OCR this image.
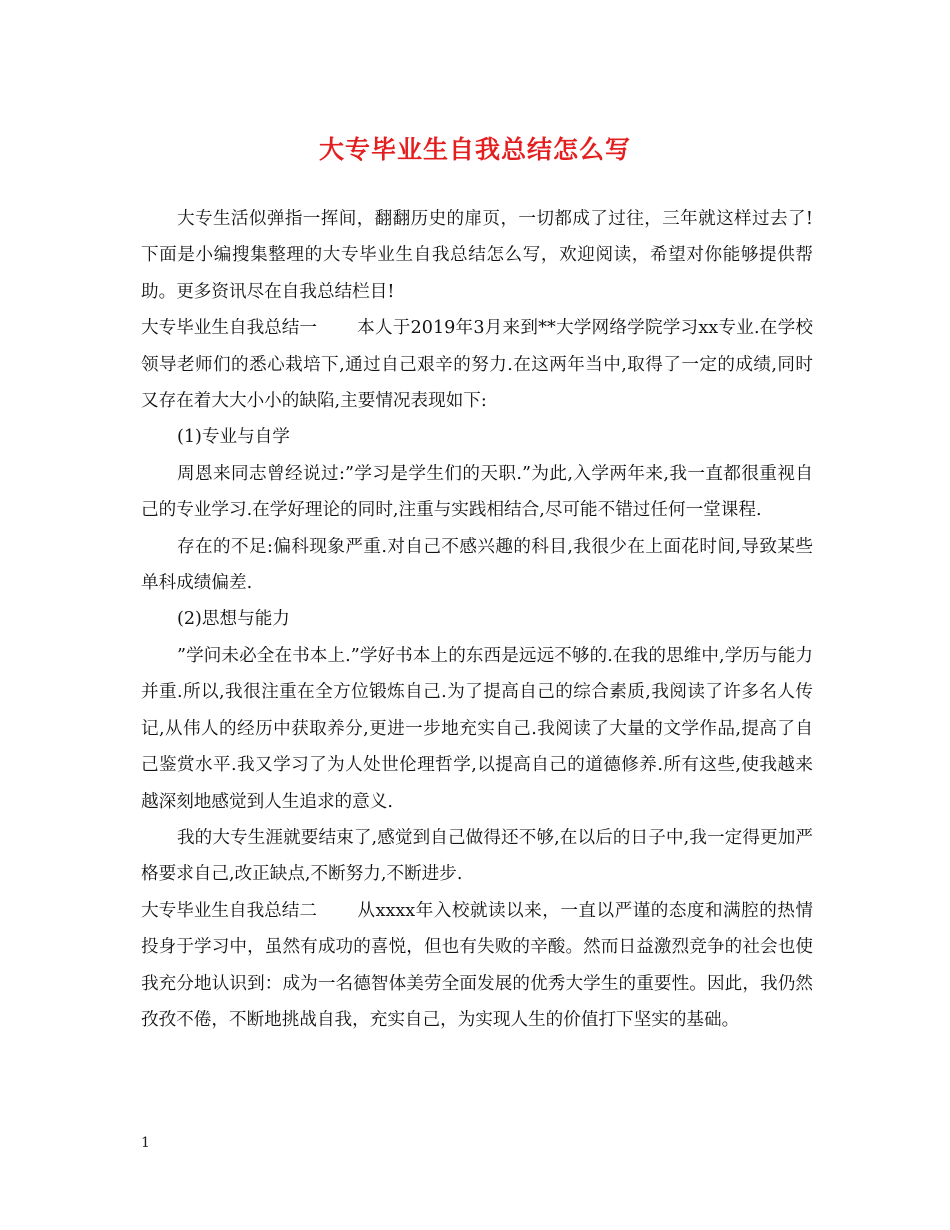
大专毕业生自我总结怎么写

大专生活似弹指一挥间，翻翻历史的扉页，一切都成了过往，三年就这样过去了!下面是小编搜集整理的大专毕业生自我总结怎么写，欢迎阅读，希望对你能够提供帮助。更多资讯尽在自我总结栏目!

大专毕业生自我总结一 本人于2019年3月来到**大学网络学院学习xx专业.在学校领导老师们的悉心栽培下,通过自己艰辛的努力.在这两年当中,取得了一定的成绩,同时又存在着大大小小的缺陷,主要情况表现如下:

(1)专业与自学

周恩来同志曾经说过:”学习是学生们的天职.”为此,入学两年来,我一直都很重视自己的专业学习.在学好理论的同时,注重与实践相结合,尽可能不错过任何一堂课程.

存在的不足:偏科现象严重.对自己不感兴趣的科目,我很少在上面花时间,导致某些单科成绩偏差.

(2)思想与能力

”学问未必全在书本上.”学好书本上的东西是远远不够的.在我的思维中,学历与能力并重.所以,我很注重在全方位锻炼自己.为了提高自己的综合素质,我阅读了许多名人传记,从伟人的经历中获取养分,更进一步地充实自己.我阅读了大量的文学作品,提高了自己鉴赏水平.我又学习了为人处世伦理哲学,以提高自己的道德修养.所有这些,使我越来越深刻地感觉到人生追求的意义.

我的大专生涯就要结束了,感觉到自己做得还不够,在以后的日子中,我一定得更加严格要求自己,改正缺点,不断努力,不断进步.

大专毕业生自我总结二 从xxxx年入校就读以来，一直以严谨的态度和满腔的热情投身于学习中，虽然有成功的喜悦，但也有失败的辛酸。然而日益激烈竞争的社会也使我充分地认识到：成为一名德智体美劳全面发展的优秀大学生的重要性。因此，我仍然孜孜不倦，不断地挑战自我，充实自己，为实现人生的价值打下坚实的基础。

1
